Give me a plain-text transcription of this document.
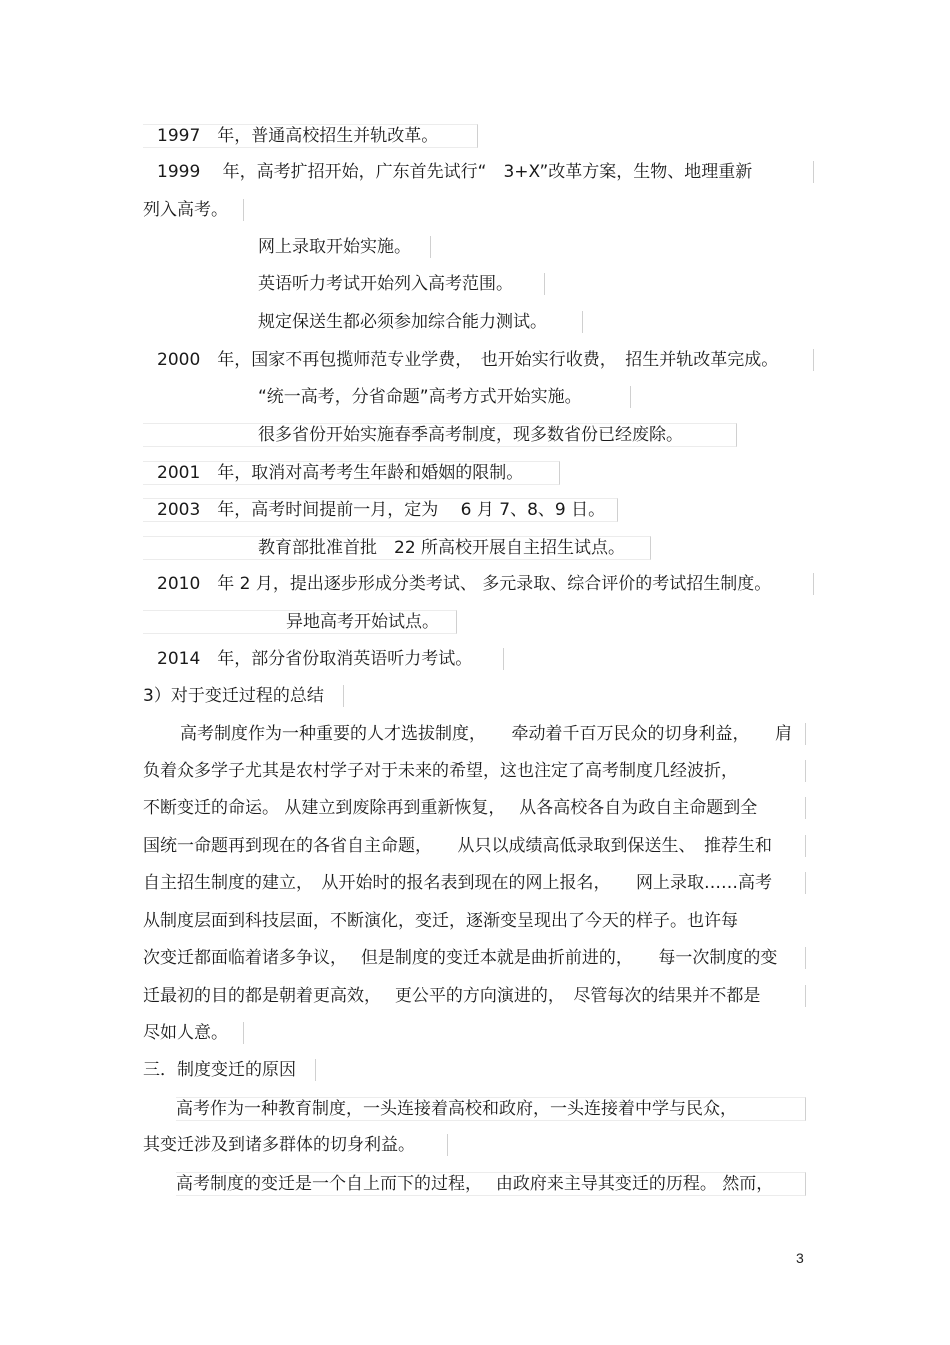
1997　年，普通高校招生并轨改革。
1999　 年，高考扩招开始，广东首先试行“　3+X”改革方案，生物、地理重新
列入高考。
网上录取开始实施。
英语听力考试开始列入高考范围。
规定保送生都必须参加综合能力测试。
2000　年，国家不再包揽师范专业学费，　也开始实行收费，　招生并轨改革完成。
“统一高考，分省命题”高考方式开始实施。
很多省份开始实施春季高考制度，现多数省份已经废除。
2001　年，取消对高考考生年龄和婚姻的限制。
2003　年，高考时间提前一月，定为　 6 月 7、8、9 日。
教育部批准首批　22 所高校开展自主招生试点。
2010　年 2 月，提出逐步形成分类考试、 多元录取、综合评价的考试招生制度。
异地高考开始试点。
2014　年，部分省份取消英语听力考试。
3）对于变迁过程的总结
高考制度作为一种重要的人才选拔制度，　　牵动着千百万民众的切身利益，　　肩
负着众多学子尤其是农村学子对于未来的希望，这也注定了高考制度几经波折，
不断变迁的命运。 从建立到废除再到重新恢复，　 从各高校各自为政自主命题到全
国统一命题再到现在的各省自主命题，　　从只以成绩高低录取到保送生、　推荐生和
自主招生制度的建立，　从开始时的报名表到现在的网上报名，　　网上录取……高考
从制度层面到科技层面，不断演化，变迁，逐渐变呈现出了今天的样子。也许每
次变迁都面临着诸多争议，　 但是制度的变迁本就是曲折前进的，　　每一次制度的变
迁最初的目的都是朝着更高效，　 更公平的方向演进的，　尽管每次的结果并不都是
尽如人意。
三．制度变迁的原因
高考作为一种教育制度，一头连接着高校和政府，一头连接着中学与民众，
其变迁涉及到诸多群体的切身利益。
高考制度的变迁是一个自上而下的过程，　 由政府来主导其变迁的历程。 然而，
3
